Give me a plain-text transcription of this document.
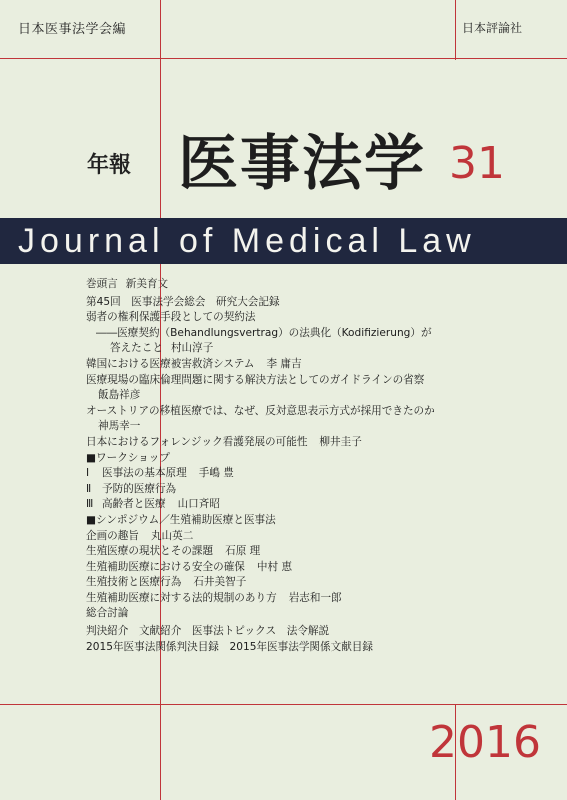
日本医事法学会編	日本評論社
年報 医事法学 31
Journal of Medical Law
巻頭言 新美育文
第45回　医事法学会総会　研究大会記録
弱者の権利保護手段としての契約法
――医療契約（Behandlungsvertrag）の法典化（Kodifizierung）が
答えたこと 村山淳子
韓国における医療被害救済システム 李 庸吉
医療現場の臨床倫理問題に関する解決方法としてのガイドラインの省察
飯島祥彦
オーストリアの移植医療では、なぜ、反対意思表示方式が採用できたのか
神馬幸一
日本におけるフォレンジック看護発展の可能性 柳井圭子
■ワークショップ
Ⅰ 医事法の基本原理 手嶋 豊
Ⅱ 予防的医療行為
Ⅲ 高齢者と医療 山口斉昭
■シンポジウム／生殖補助医療と医事法
企画の趣旨 丸山英二
生殖医療の現状とその課題 石原 理
生殖補助医療における安全の確保 中村 恵
生殖技術と医療行為 石井美智子
生殖補助医療に対する法的規制のあり方 岩志和一郎
総合討論
判決紹介　文献紹介　医事法トピックス　法令解説
2015年医事法関係判決目録　2015年医事法学関係文献目録
2016
